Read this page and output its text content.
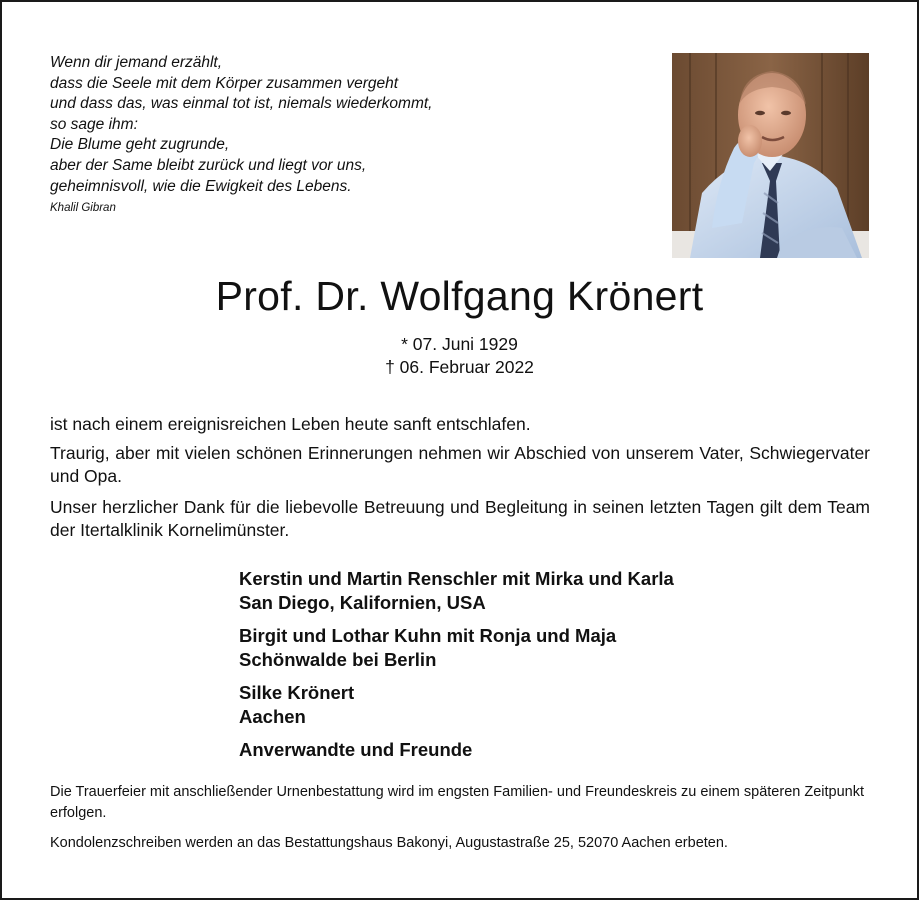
Wenn dir jemand erzählt,
dass die Seele mit dem Körper zusammen vergeht
und dass das, was einmal tot ist, niemals wiederkommt,
so sage ihm:
Die Blume geht zugrunde,
aber der Same bleibt zurück und liegt vor uns,
geheimnisvoll, wie die Ewigkeit des Lebens.
Khalil Gibran
Prof. Dr. Wolfgang Krönert
* 07. Juni 1929
† 06. Februar 2022

ist nach einem ereignisreichen Leben heute sanft entschlafen.

Traurig, aber mit vielen schönen Erinnerungen nehmen wir Abschied von unserem Vater, Schwiegervater und Opa.

Unser herzlicher Dank für die liebevolle Betreuung und Begleitung in seinen letzten Tagen gilt dem Team der Itertalklinik Kornelimünster.

Kerstin und Martin Renschler mit Mirka und Karla
San Diego, Kalifornien, USA
Birgit und Lothar Kuhn mit Ronja und Maja
Schönwalde bei Berlin
Silke Krönert
Aachen
Anverwandte und Freunde

Die Trauerfeier mit anschließender Urnenbestattung wird im engsten Familien- und Freundeskreis zu einem späteren Zeitpunkt erfolgen.

Kondolenzschreiben werden an das Bestattungshaus Bakonyi, Augustastraße 25, 52070 Aachen erbeten.
